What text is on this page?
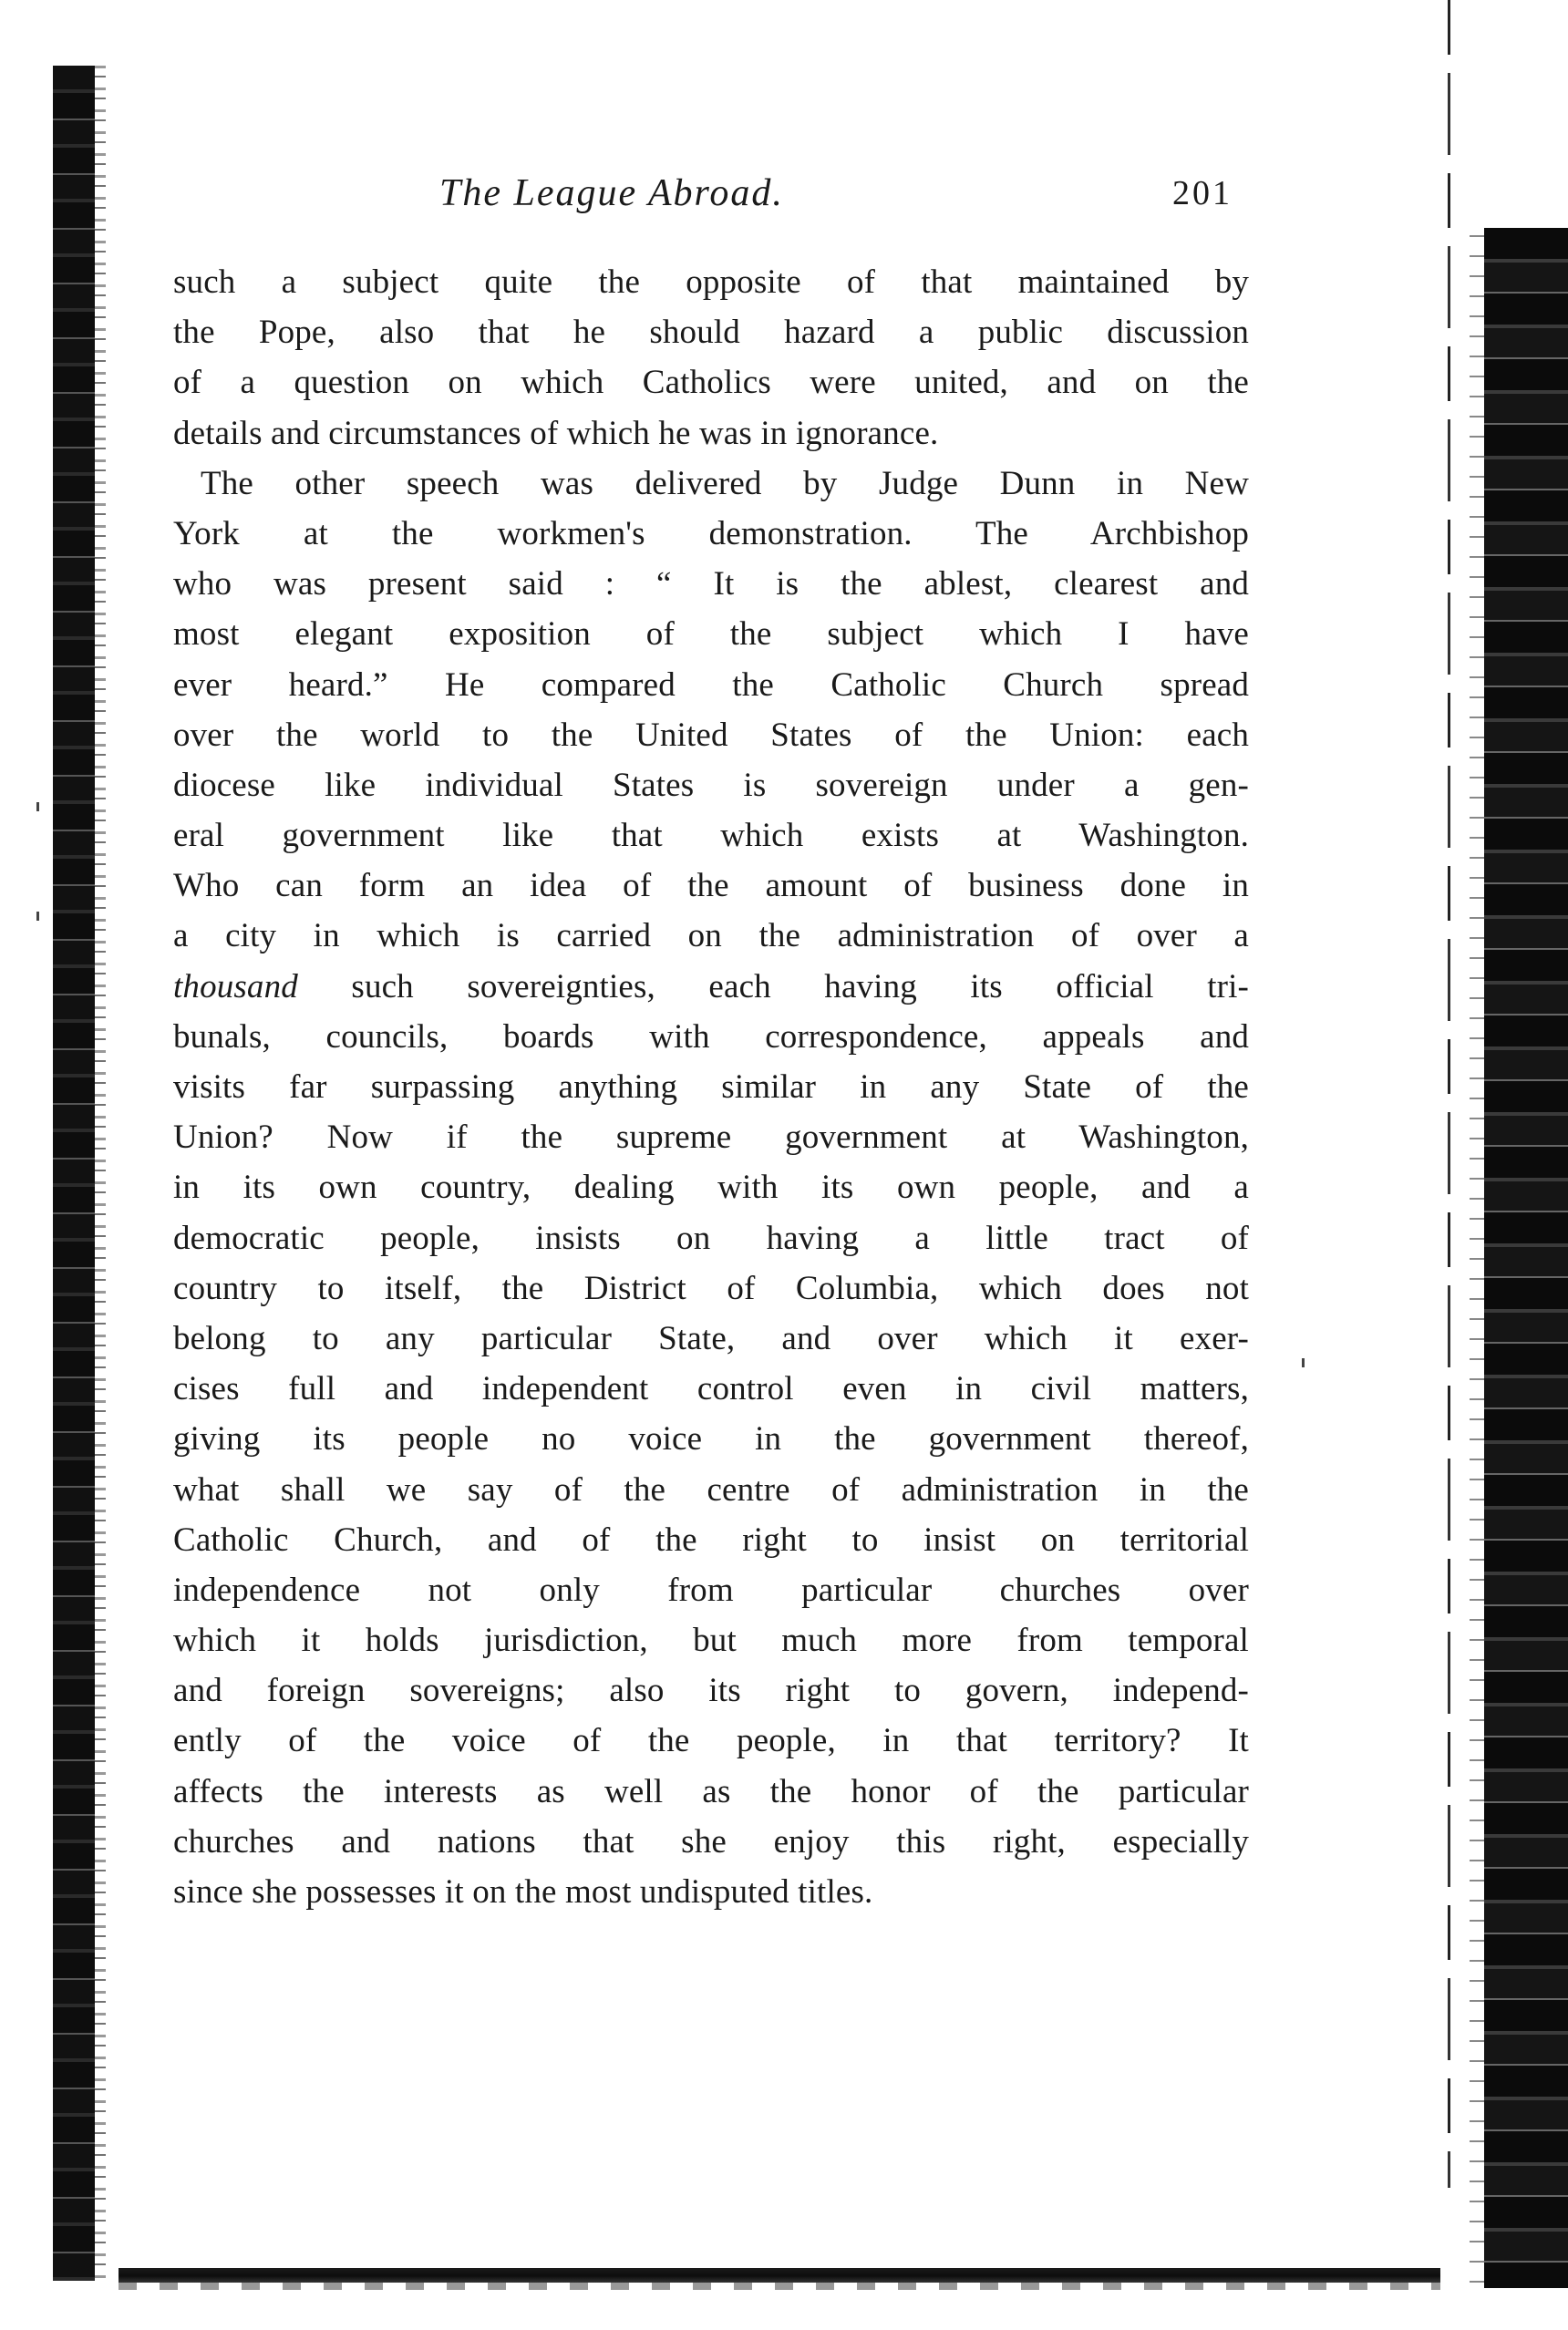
The League Abroad.	201
such a subject quite the opposite of that maintained by
the Pope, also that he should hazard a public discussion
of a question on which Catholics were united, and on the
details and circumstances of which he was in ignorance.
The other speech was delivered by Judge Dunn in New
York at the workmen's demonstration. The Archbishop
who was present said : “ It is the ablest, clearest and
most elegant exposition of the subject which I have
ever heard.” He compared the Catholic Church spread
over the world to the United States of the Union: each
diocese like individual States is sovereign under a gen-
eral government like that which exists at Washington.
Who can form an idea of the amount of business done in
a city in which is carried on the administration of over a
thousand such sovereignties, each having its official tri-
bunals, councils, boards with correspondence, appeals and
visits far surpassing anything similar in any State of the
Union? Now if the supreme government at Washington,
in its own country, dealing with its own people, and a
democratic people, insists on having a little tract of
country to itself, the District of Columbia, which does not
belong to any particular State, and over which it exer-
cises full and independent control even in civil matters,
giving its people no voice in the government thereof,
what shall we say of the centre of administration in the
Catholic Church, and of the right to insist on territorial
independence not only from particular churches over
which it holds jurisdiction, but much more from temporal
and foreign sovereigns; also its right to govern, independ-
ently of the voice of the people, in that territory? It
affects the interests as well as the honor of the particular
churches and nations that she enjoy this right, especially
since she possesses it on the most undisputed titles.
